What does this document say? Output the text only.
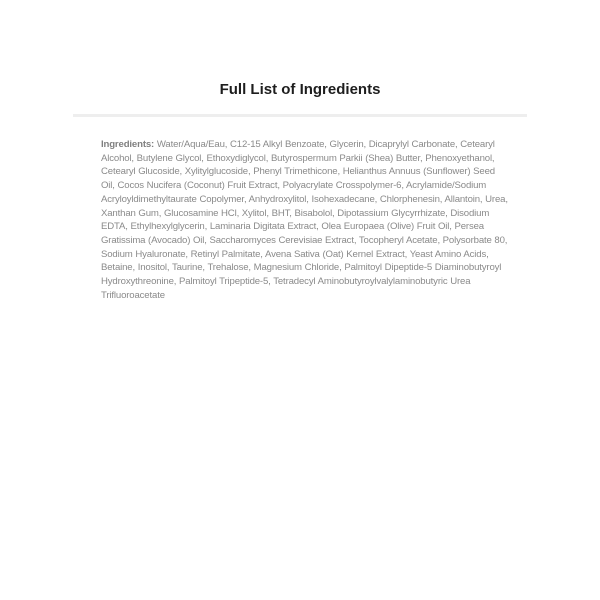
Full List of Ingredients
Ingredients: Water/Aqua/Eau, C12-15 Alkyl Benzoate, Glycerin, Dicaprylyl Carbonate, Cetearyl Alcohol, Butylene Glycol, Ethoxydiglycol, Butyrospermum Parkii (Shea) Butter, Phenoxyethanol, Cetearyl Glucoside, Xylitylglucoside, Phenyl Trimethicone, Helianthus Annuus (Sunflower) Seed Oil, Cocos Nucifera (Coconut) Fruit Extract, Polyacrylate Crosspolymer-6, Acrylamide/Sodium Acryloyldimethyltaurate Copolymer, Anhydroxylitol, Isohexadecane, Chlorphenesin, Allantoin, Urea, Xanthan Gum, Glucosamine HCl, Xylitol, BHT, Bisabolol, Dipotassium Glycyrrhizate, Disodium EDTA, Ethylhexylglycerin, Laminaria Digitata Extract, Olea Europaea (Olive) Fruit Oil, Persea Gratissima (Avocado) Oil, Saccharomyces Cerevisiae Extract, Tocopheryl Acetate, Polysorbate 80, Sodium Hyaluronate, Retinyl Palmitate, Avena Sativa (Oat) Kernel Extract, Yeast Amino Acids, Betaine, Inositol, Taurine, Trehalose, Magnesium Chloride, Palmitoyl Dipeptide-5 Diaminobutyroyl Hydroxythreonine, Palmitoyl Tripeptide-5, Tetradecyl Aminobutyroylvalylaminobutyric Urea Trifluoroacetate
